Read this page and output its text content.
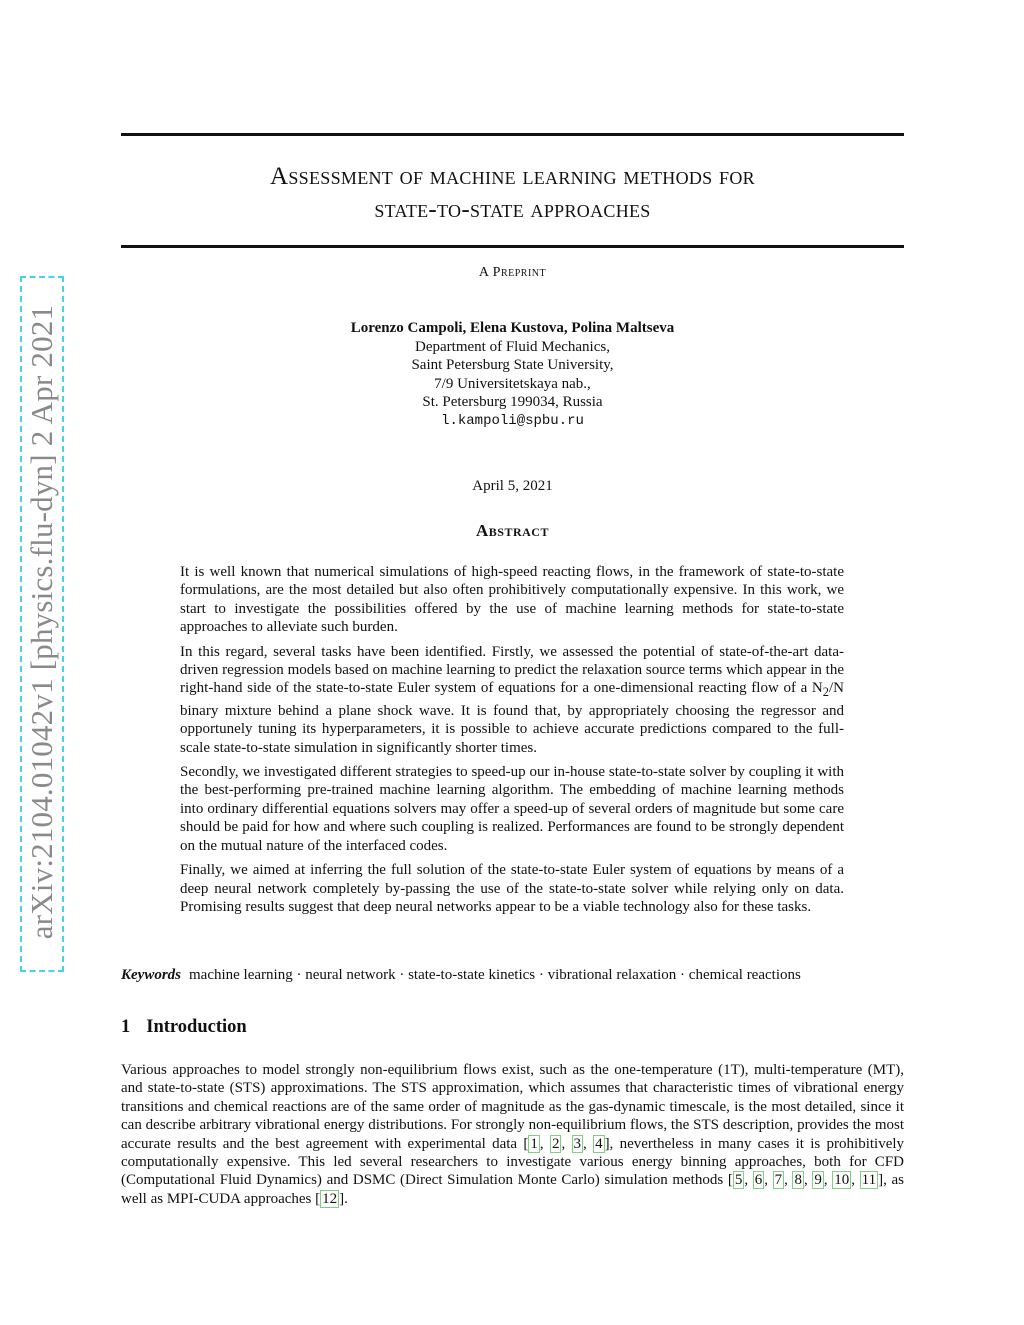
arXiv:2104.01042v1 [physics.flu-dyn] 2 Apr 2021
Assessment of machine learning methods for
state-to-state approaches
A Preprint
Lorenzo Campoli, Elena Kustova, Polina Maltseva
Department of Fluid Mechanics,
Saint Petersburg State University,
7/9 Universitetskaya nab.,
St. Petersburg 199034, Russia
l.kampoli@spbu.ru
April 5, 2021
Abstract

It is well known that numerical simulations of high-speed reacting flows, in the framework of state-to-state formulations, are the most detailed but also often prohibitively computationally expensive. In this work, we start to investigate the possibilities offered by the use of machine learning methods for state-to-state approaches to alleviate such burden.

In this regard, several tasks have been identified. Firstly, we assessed the potential of state-of-the-art data-driven regression models based on machine learning to predict the relaxation source terms which appear in the right-hand side of the state-to-state Euler system of equations for a one-dimensional reacting flow of a $N_2/N$ binary mixture behind a plane shock wave. It is found that, by appropriately choosing the regressor and opportunely tuning its hyperparameters, it is possible to achieve accurate predictions compared to the full-scale state-to-state simulation in significantly shorter times.

Secondly, we investigated different strategies to speed-up our in-house state-to-state solver by coupling it with the best-performing pre-trained machine learning algorithm. The embedding of machine learning methods into ordinary differential equations solvers may offer a speed-up of several orders of magnitude but some care should be paid for how and where such coupling is realized. Performances are found to be strongly dependent on the mutual nature of the interfaced codes.

Finally, we aimed at inferring the full solution of the state-to-state Euler system of equations by means of a deep neural network completely by-passing the use of the state-to-state solver while relying only on data. Promising results suggest that deep neural networks appear to be a viable technology also for these tasks.

Keywords machine learning · neural network · state-to-state kinetics · vibrational relaxation · chemical reactions
1 Introduction

Various approaches to model strongly non-equilibrium flows exist, such as the one-temperature (1T), multi-temperature (MT), and state-to-state (STS) approximations. The STS approximation, which assumes that characteristic times of vibrational energy transitions and chemical reactions are of the same order of magnitude as the gas-dynamic timescale, is the most detailed, since it can describe arbitrary vibrational energy distributions. For strongly non-equilibrium flows, the STS description, provides the most accurate results and the best agreement with experimental data [ 1 , 2 , 3 , 4 ], nevertheless in many cases it is prohibitively computationally expensive. This led several researchers to investigate various energy binning approaches, both for CFD (Computational Fluid Dynamics) and DSMC (Direct Simulation Monte Carlo) simulation methods [ 5 , 6 , 7 , 8 , 9 , 10 , 11 ], as well as MPI-CUDA approaches [ 12 ].
